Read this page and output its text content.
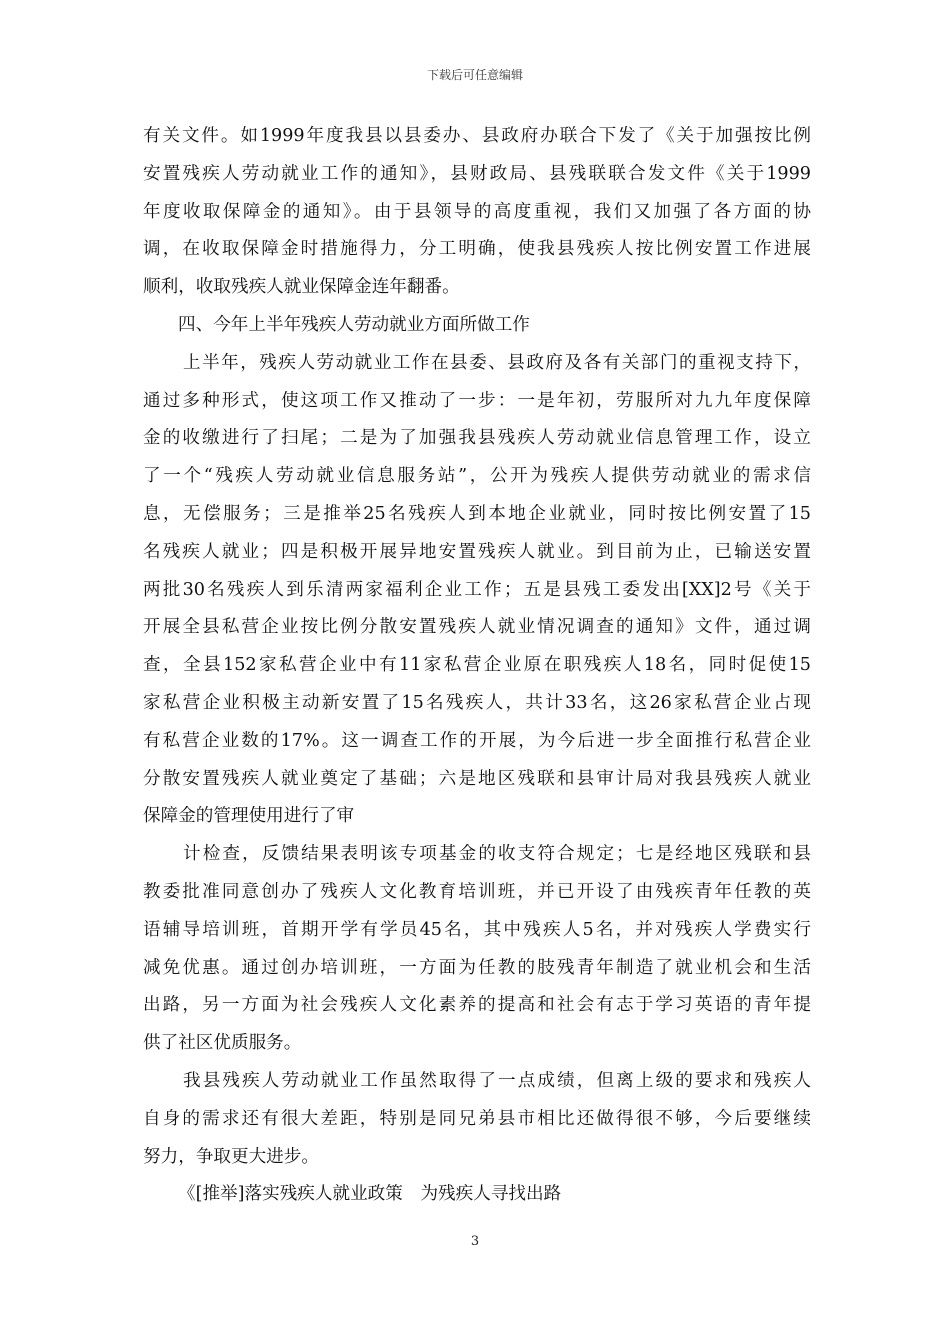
下载后可任意编辑
有关文件。如1999年度我县以县委办、县政府办联合下发了《关于加强按比例
安置残疾人劳动就业工作的通知》，县财政局、县残联联合发文件《关于1999
年度收取保障金的通知》。由于县领导的高度重视，我们又加强了各方面的协
调，在收取保障金时措施得力，分工明确，使我县残疾人按比例安置工作进展
顺利，收取残疾人就业保障金连年翻番。
四、今年上半年残疾人劳动就业方面所做工作
上半年，残疾人劳动就业工作在县委、县政府及各有关部门的重视支持下，
通过多种形式，使这项工作又推动了一步：一是年初，劳服所对九九年度保障
金的收缴进行了扫尾；二是为了加强我县残疾人劳动就业信息管理工作，设立
了一个“残疾人劳动就业信息服务站”，公开为残疾人提供劳动就业的需求信
息，无偿服务；三是推举25名残疾人到本地企业就业，同时按比例安置了15
名残疾人就业；四是积极开展异地安置残疾人就业。到目前为止，已输送安置
两批30名残疾人到乐清两家福利企业工作；五是县残工委发出[XX]2号《关于
开展全县私营企业按比例分散安置残疾人就业情况调查的通知》文件，通过调
查，全县152家私营企业中有11家私营企业原在职残疾人18名，同时促使15
家私营企业积极主动新安置了15名残疾人，共计33名，这26家私营企业占现
有私营企业数的17%。这一调查工作的开展，为今后进一步全面推行私营企业
分散安置残疾人就业奠定了基础；六是地区残联和县审计局对我县残疾人就业
保障金的管理使用进行了审
计检查，反馈结果表明该专项基金的收支符合规定；七是经地区残联和县
教委批准同意创办了残疾人文化教育培训班，并已开设了由残疾青年任教的英
语辅导培训班，首期开学有学员45名，其中残疾人5名，并对残疾人学费实行
减免优惠。通过创办培训班，一方面为任教的肢残青年制造了就业机会和生活
出路，另一方面为社会残疾人文化素养的提高和社会有志于学习英语的青年提
供了社区优质服务。
我县残疾人劳动就业工作虽然取得了一点成绩，但离上级的要求和残疾人
自身的需求还有很大差距，特别是同兄弟县市相比还做得很不够，今后要继续
努力，争取更大进步。
《[推举]落实残疾人就业政策　为残疾人寻找出路
3
